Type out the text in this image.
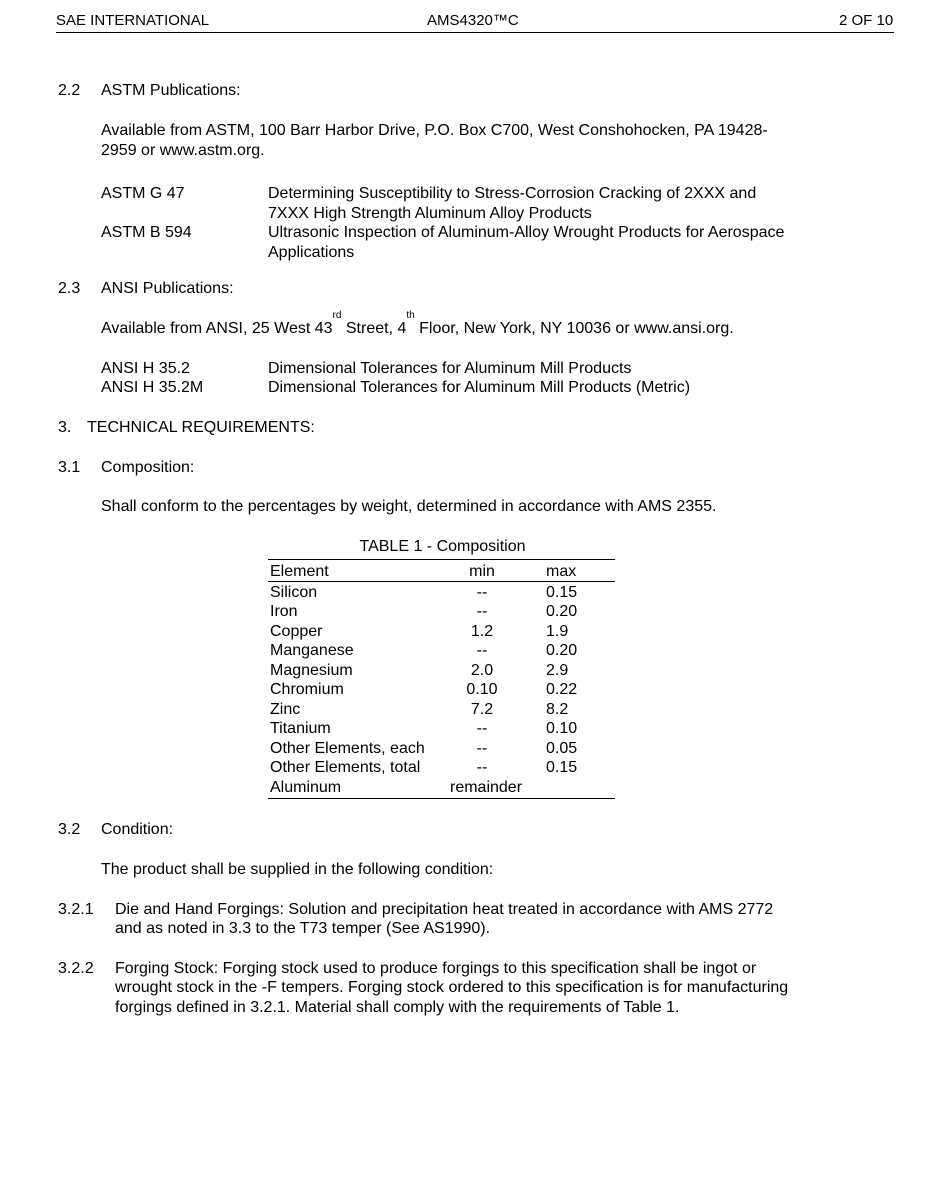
SAE INTERNATIONAL	AMS4320™C	2 OF 10
2.2 ASTM Publications:
Available from ASTM, 100 Barr Harbor Drive, P.O. Box C700, West Conshohocken, PA 19428-
2959 or www.astm.org.
ASTM G 47	Determining Susceptibility to Stress-Corrosion Cracking of 2XXX and
7XXX High Strength Aluminum Alloy Products
ASTM B 594	Ultrasonic Inspection of Aluminum-Alloy Wrought Products for Aerospace
Applications
2.3 ANSI Publications:
Available from ANSI, 25 West 43rd Street, 4th Floor, New York, NY 10036 or www.ansi.org.
ANSI H 35.2	Dimensional Tolerances for Aluminum Mill Products
ANSI H 35.2M	Dimensional Tolerances for Aluminum Mill Products (Metric)
3. TECHNICAL REQUIREMENTS:
3.1 Composition:
Shall conform to the percentages by weight, determined in accordance with AMS 2355.
TABLE 1 - Composition
Element	min	max
Silicon	--	0.15
Iron	--	0.20
Copper	1.2	1.9
Manganese	--	0.20
Magnesium	2.0	2.9
Chromium	0.10	0.22
Zinc	7.2	8.2
Titanium	--	0.10
Other Elements, each	--	0.05
Other Elements, total	--	0.15
Aluminum	remainder
3.2 Condition:
The product shall be supplied in the following condition:
3.2.1 Die and Hand Forgings: Solution and precipitation heat treated in accordance with AMS 2772
and as noted in 3.3 to the T73 temper (See AS1990).
3.2.2 Forging Stock: Forging stock used to produce forgings to this specification shall be ingot or
wrought stock in the -F tempers. Forging stock ordered to this specification is for manufacturing
forgings defined in 3.2.1. Material shall comply with the requirements of Table 1.
